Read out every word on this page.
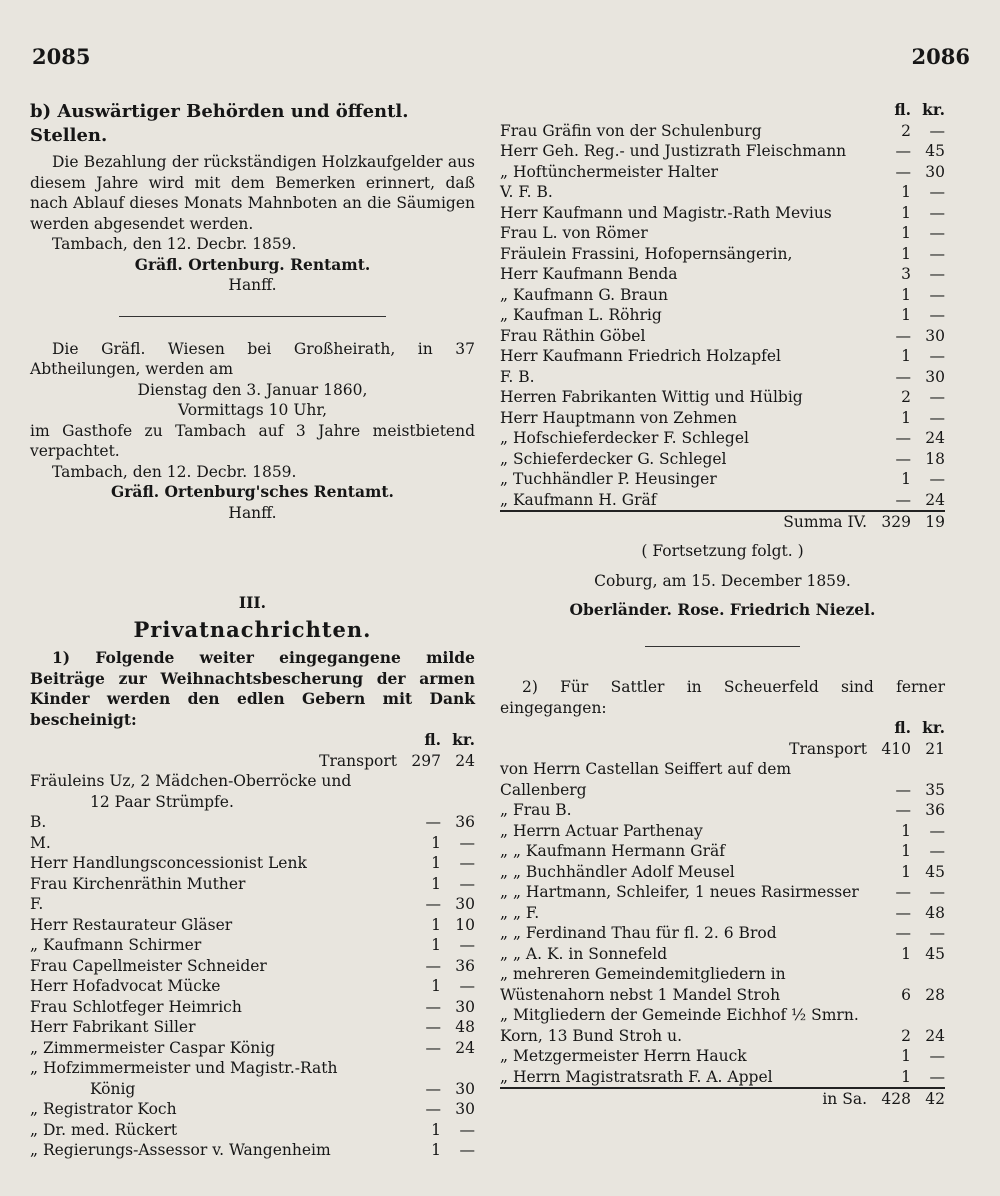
2085	2086
b) Auswärtiger Behörden und öffentl. Stellen.
Die Bezahlung der rückständigen Holzkaufgelder aus diesem Jahre wird mit dem Bemerken erinnert, daß nach Ablauf dieses Monats Mahnboten an die Säumigen werden abgesendet werden.
Tambach, den 12. Decbr. 1859.
Gräfl. Ortenburg. Rentamt.
Hanff.
Die Gräfl. Wiesen bei Großheirath, in 37 Abtheilungen, werden am
Dienstag den 3. Januar 1860,
Vormittags 10 Uhr,
im Gasthofe zu Tambach auf 3 Jahre meistbietend verpachtet.
Tambach, den 12. Decbr. 1859.
Gräfl. Ortenburg'sches Rentamt.
Hanff.
III.
Privatnachrichten.
1) Folgende weiter eingegangene milde Beiträge zur Weihnachtsbescherung der armen Kinder werden den edlen Gebern mit Dank bescheinigt:
fl. kr.
Transport 297 24
Fräuleins Uz, 2 Mädchen-Oberröcke und
12 Paar Strümpfe.
B.	— 36
M.	1	—
Herr Handlungsconcessionist Lenk	1	—
Frau Kirchenräthin Muther	1	—
F.	— 30
Herr Restaurateur Gläser	1 10
„ Kaufmann Schirmer	1	—
Frau Capellmeister Schneider	— 36
Herr Hofadvocat Mücke	1	—
Frau Schlotfeger Heimrich	— 30
Herr Fabrikant Siller	— 48
„ Zimmermeister Caspar König	— 24
„ Hofzimmermeister und Magistr.-Rath
König	— 30
„ Registrator Koch	— 30
„ Dr. med. Rückert	1	—
„ Regierungs-Assessor v. Wangenheim	1	—
fl. kr.
Frau Gräfin von der Schulenburg	2	—
Herr Geh. Reg.- und Justizrath Fleischmann	— 45
„ Hoftünchermeister Halter	— 30
V. F. B.	1	—
Herr Kaufmann und Magistr.-Rath Mevius	1	—
Frau L. von Römer	1	—
Fräulein Frassini, Hofopernsängerin,	1	—
Herr Kaufmann Benda	3	—
„ Kaufmann G. Braun	1	—
„ Kaufman L. Röhrig	1	—
Frau Räthin Göbel	— 30
Herr Kaufmann Friedrich Holzapfel	1	—
F. B.	— 30
Herren Fabrikanten Wittig und Hülbig	2	—
Herr Hauptmann von Zehmen	1	—
„ Hofschieferdecker F. Schlegel	— 24
„ Schieferdecker G. Schlegel	— 18
„ Tuchhändler P. Heusinger	1	—
„ Kaufmann H. Gräf	— 24
Summa IV. 329 19
( Fortsetzung folgt. )
Coburg, am 15. December 1859.
Oberländer. Rose. Friedrich Niezel.
2) Für Sattler in Scheuerfeld sind ferner eingegangen:
fl. kr.
Transport 410 21
von Herrn Castellan Seiffert auf dem Callenberg	— 35
„ Frau B.	— 36
„ Herrn Actuar Parthenay	1	—
„ „ Kaufmann Hermann Gräf	1	—
„ „ Buchhändler Adolf Meusel	1 45
„ „ Hartmann, Schleifer, 1 neues Rasirmesser	—	—
„ „ F.	— 48
„ „ Ferdinand Thau für fl. 2. 6 Brod	—	—
„ „ A. K. in Sonnefeld	1 45
„ mehreren Gemeindemitgliedern in Wüstenahorn nebst 1 Mandel Stroh	6 28
„ Mitgliedern der Gemeinde Eichhof ½ Smrn. Korn, 13 Bund Stroh u.	2 24
„ Metzgermeister Herrn Hauck	1	—
„ Herrn Magistratsrath F. A. Appel	1	—
in Sa. 428 42
